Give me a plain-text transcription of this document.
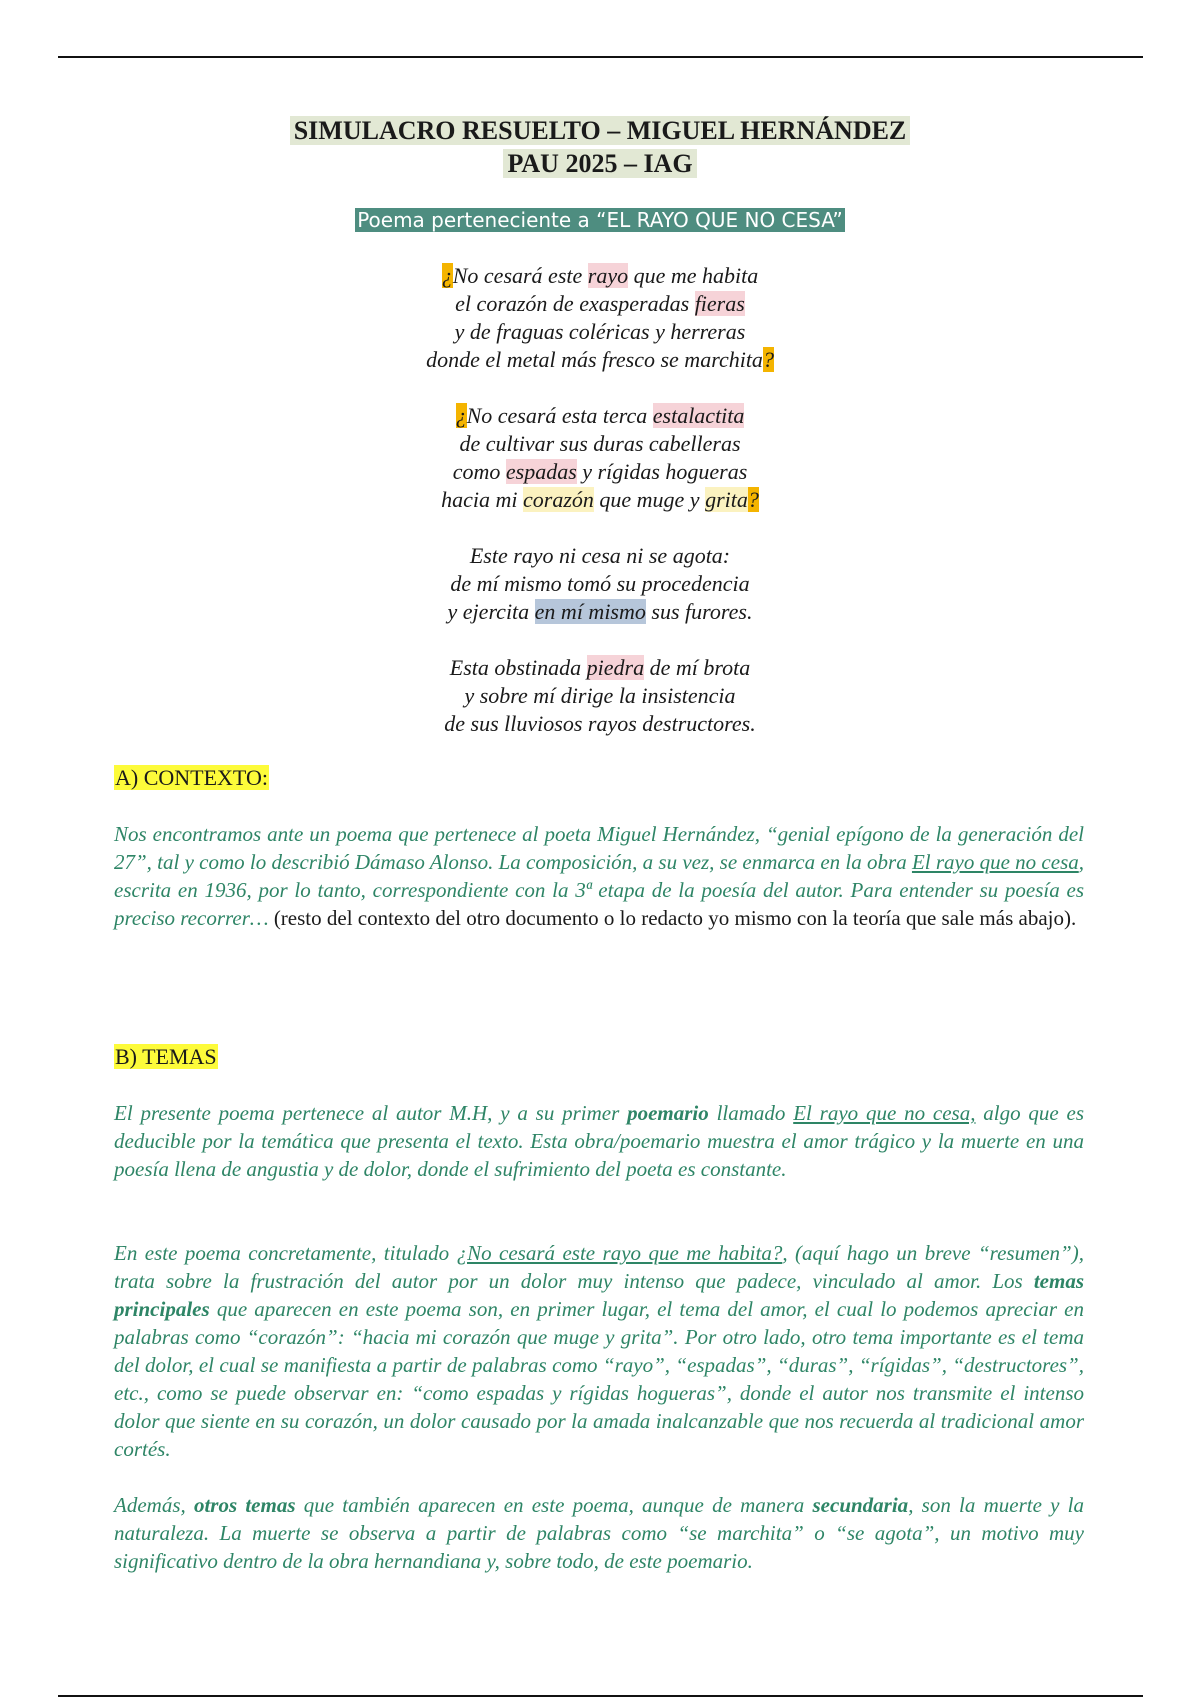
SIMULACRO RESUELTO – MIGUEL HERNÁNDEZ
PAU 2025 – IAG
Poema perteneciente a “EL RAYO QUE NO CESA”
¿No cesará este rayo que me habita
el corazón de exasperadas fieras
y de fraguas coléricas y herreras
donde el metal más fresco se marchita?
¿No cesará esta terca estalactita
de cultivar sus duras cabelleras
como espadas y rígidas hogueras
hacia mi corazón que muge y grita?
Este rayo ni cesa ni se agota:
de mí mismo tomó su procedencia
y ejercita en mí mismo sus furores.
Esta obstinada piedra de mí brota
y sobre mí dirige la insistencia
de sus lluviosos rayos destructores.
A) CONTEXTO:
Nos encontramos ante un poema que pertenece al poeta Miguel Hernández, “genial epígono de la generación del 27”, tal y como lo describió Dámaso Alonso. La composición, a su vez, se enmarca en la obra El rayo que no cesa, escrita en 1936, por lo tanto, correspondiente con la 3ª etapa de la poesía del autor. Para entender su poesía es preciso recorrer… (resto del contexto del otro documento o lo redacto yo mismo con la teoría que sale más abajo).
B) TEMAS
El presente poema pertenece al autor M.H, y a su primer poemario llamado El rayo que no cesa, algo que es deducible por la temática que presenta el texto. Esta obra/poemario muestra el amor trágico y la muerte en una poesía llena de angustia y de dolor, donde el sufrimiento del poeta es constante.
En este poema concretamente, titulado ¿No cesará este rayo que me habita?, (aquí hago un breve “resumen”), trata sobre la frustración del autor por un dolor muy intenso que padece, vinculado al amor. Los temas principales que aparecen en este poema son, en primer lugar, el tema del amor, el cual lo podemos apreciar en palabras como “corazón”: “hacia mi corazón que muge y grita”. Por otro lado, otro tema importante es el tema del dolor, el cual se manifiesta a partir de palabras como “rayo”, “espadas”, “duras”, “rígidas”, “destructores”, etc., como se puede observar en: “como espadas y rígidas hogueras”, donde el autor nos transmite el intenso dolor que siente en su corazón, un dolor causado por la amada inalcanzable que nos recuerda al tradicional amor cortés.
Además, otros temas que también aparecen en este poema, aunque de manera secundaria, son la muerte y la naturaleza. La muerte se observa a partir de palabras como “se marchita” o “se agota”, un motivo muy significativo dentro de la obra hernandiana y, sobre todo, de este poemario.
